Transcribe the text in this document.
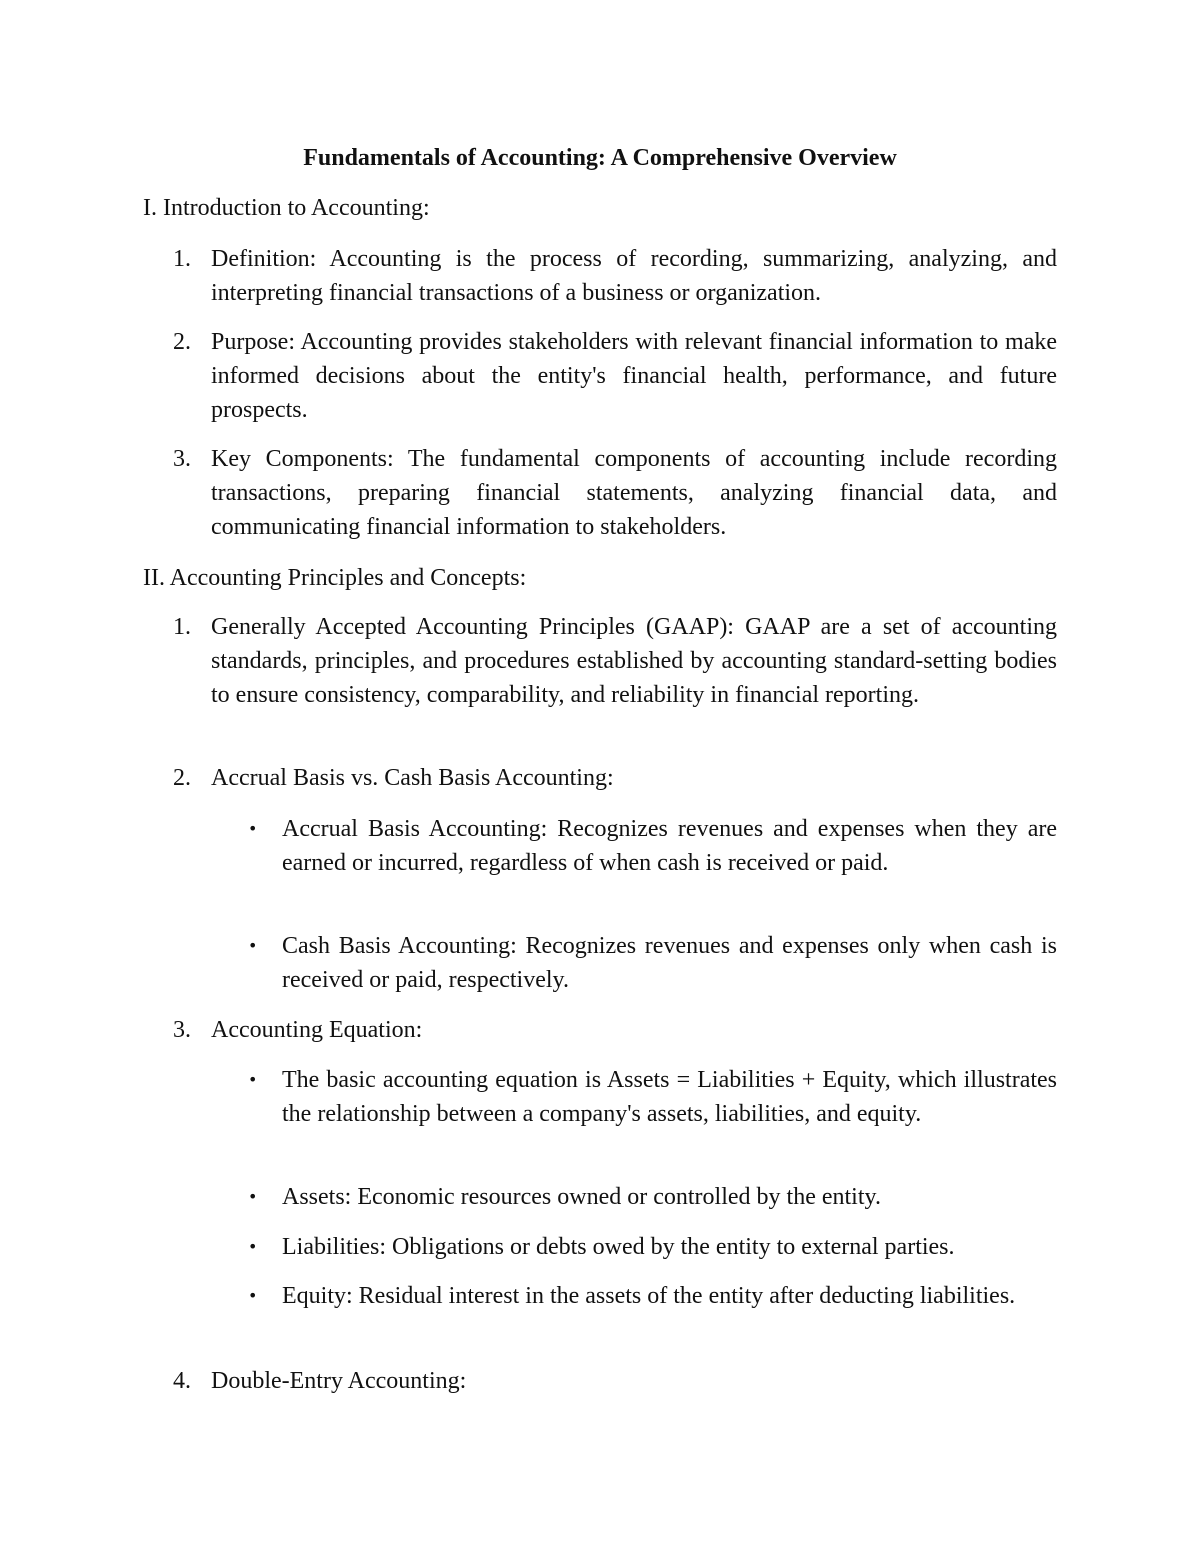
Fundamentals of Accounting: A Comprehensive Overview
I. Introduction to Accounting:
1. Definition: Accounting is the process of recording, summarizing, analyzing, and interpreting financial transactions of a business or organization.
2. Purpose: Accounting provides stakeholders with relevant financial information to make informed decisions about the entity's financial health, performance, and future prospects.
3. Key Components: The fundamental components of accounting include recording transactions, preparing financial statements, analyzing financial data, and communicating financial information to stakeholders.
II. Accounting Principles and Concepts:
1. Generally Accepted Accounting Principles (GAAP): GAAP are a set of accounting standards, principles, and procedures established by accounting standard-setting bodies to ensure consistency, comparability, and reliability in financial reporting.
2. Accrual Basis vs. Cash Basis Accounting:
• Accrual Basis Accounting: Recognizes revenues and expenses when they are earned or incurred, regardless of when cash is received or paid.
• Cash Basis Accounting: Recognizes revenues and expenses only when cash is received or paid, respectively.
3. Accounting Equation:
• The basic accounting equation is Assets = Liabilities + Equity, which illustrates the relationship between a company's assets, liabilities, and equity.
• Assets: Economic resources owned or controlled by the entity.
• Liabilities: Obligations or debts owed by the entity to external parties.
• Equity: Residual interest in the assets of the entity after deducting liabilities.
4. Double-Entry Accounting:
